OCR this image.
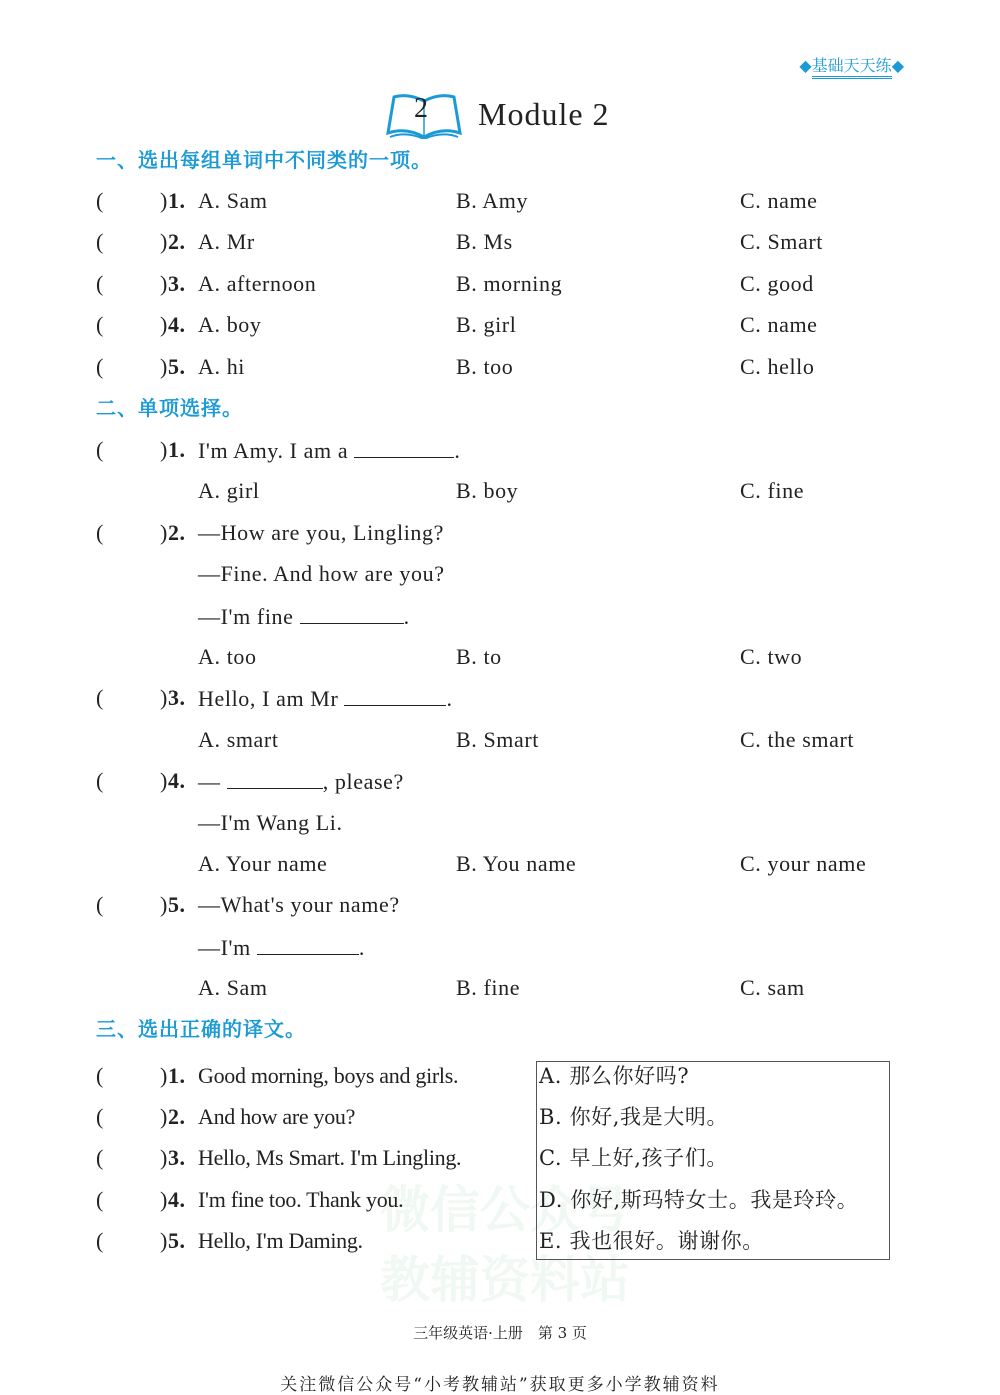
微信公众号
教辅资料站
◆基础天天练◆
2 Module 2
一、选出每组单词中不同类的一项。
(	)1. A. Sam	B. Amy	C. name
(	)2. A. Mr	B. Ms	C. Smart
(	)3. A. afternoon	B. morning	C. good
(	)4. A. boy	B. girl	C. name
(	)5. A. hi	B. too	C. hello
二、单项选择。
(	)1. I'm Amy. I am a	.
A. girl	B. boy	C. fine
(	)2. —How are you, Lingling?
—Fine. And how are you?
—I'm fine	.
A. too	B. to	C. two
(	)3. Hello, I am Mr	.
A. smart	B. Smart	C. the smart
(	)4. —	, please?
—I'm Wang Li.
A. Your name	B. You name	C. your name
(	)5. —What's your name?
—I'm	.
A. Sam	B. fine	C. sam
三、选出正确的译文。
(	)1. Good morning, boys and girls.
(	)2. And how are you?
(	)3. Hello, Ms Smart. I'm Lingling.
(	)4. I'm fine too. Thank you.
(	)5. Hello, I'm Daming.
A. 那么你好吗?
B. 你好,我是大明。
C. 早上好,孩子们。
D. 你好,斯玛特女士。我是玲玲。
E. 我也很好。谢谢你。
三年级英语·上册　第 3 页
关注微信公众号“小考教辅站”获取更多小学教辅资料
